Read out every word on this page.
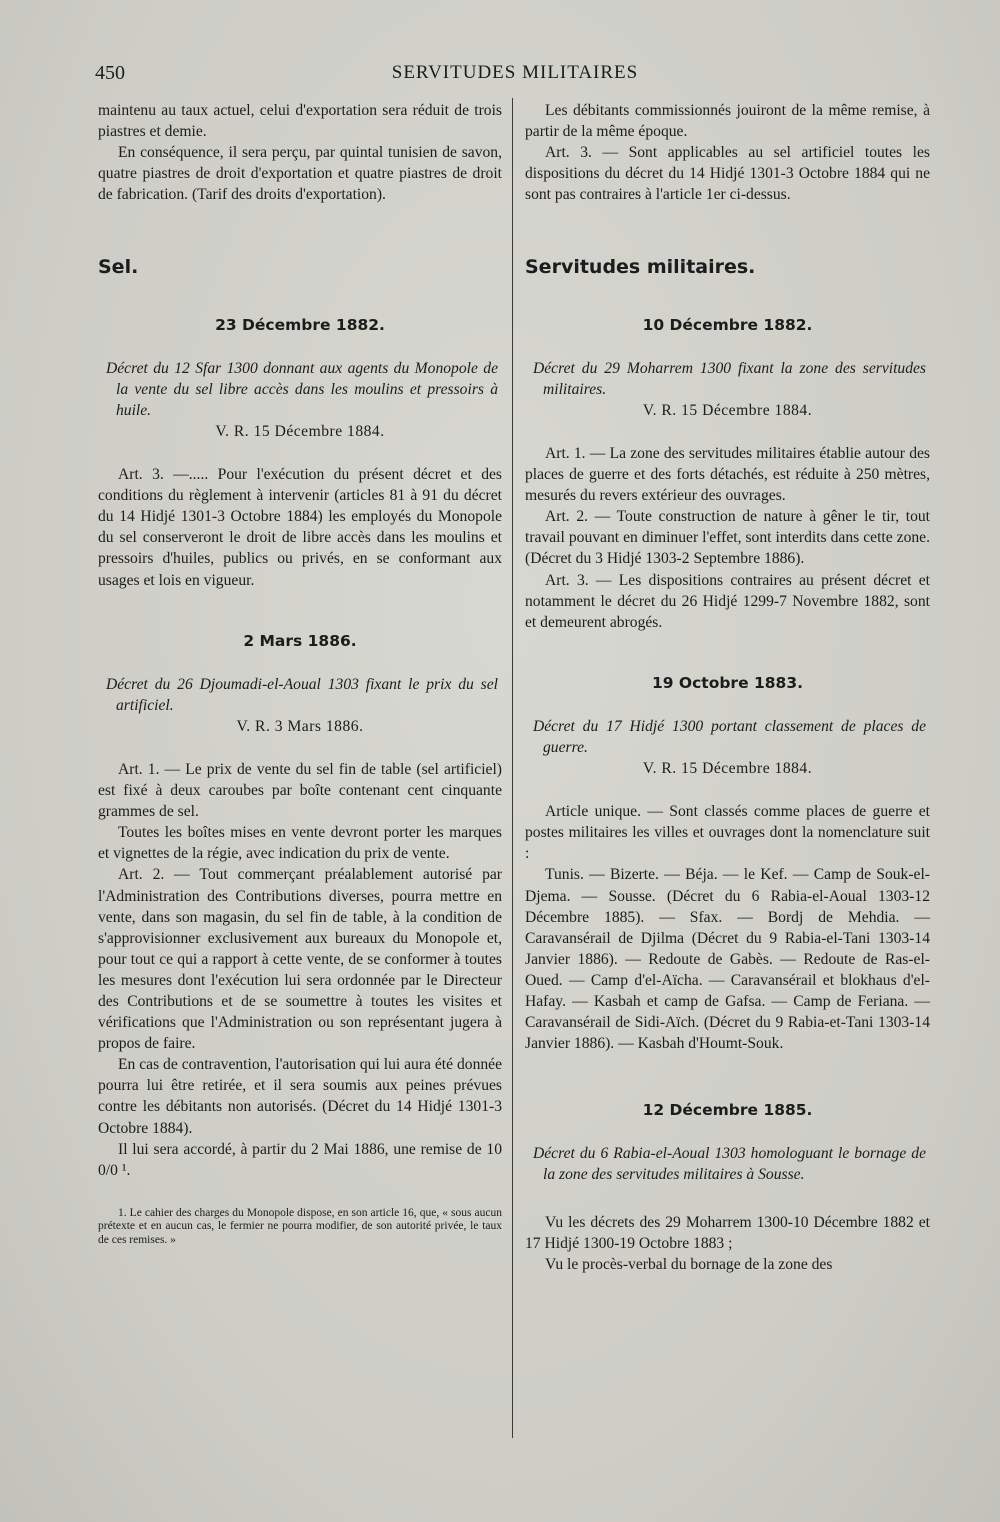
450	SERVITUDES MILITAIRES

maintenu au taux actuel, celui d'exportation sera réduit de trois piastres et demie.

En conséquence, il sera perçu, par quintal tunisien de savon, quatre piastres de droit d'exportation et quatre piastres de droit de fabrication. (Tarif des droits d'exportation).

Sel.

23 Décembre 1882.

Décret du 12 Sfar 1300 donnant aux agents du Monopole de la vente du sel libre accès dans les moulins et pressoirs à huile.

V. R. 15 Décembre 1884.

Art. 3. —..... Pour l'exécution du présent décret et des conditions du règlement à intervenir (articles 81 à 91 du décret du 14 Hidjé 1301-3 Octobre 1884) les employés du Monopole du sel conserveront le droit de libre accès dans les moulins et pressoirs d'huiles, publics ou privés, en se conformant aux usages et lois en vigueur.

2 Mars 1886.

Décret du 26 Djoumadi-el-Aoual 1303 fixant le prix du sel artificiel.

V. R. 3 Mars 1886.

Art. 1. — Le prix de vente du sel fin de table (sel artificiel) est fixé à deux caroubes par boîte contenant cent cinquante grammes de sel.

Toutes les boîtes mises en vente devront porter les marques et vignettes de la régie, avec indication du prix de vente.

Art. 2. — Tout commerçant préalablement autorisé par l'Administration des Contributions diverses, pourra mettre en vente, dans son magasin, du sel fin de table, à la condition de s'approvisionner exclusivement aux bureaux du Monopole et, pour tout ce qui a rapport à cette vente, de se conformer à toutes les mesures dont l'exécution lui sera ordonnée par le Directeur des Contributions et de se soumettre à toutes les visites et vérifications que l'Administration ou son représentant jugera à propos de faire.

En cas de contravention, l'autorisation qui lui aura été donnée pourra lui être retirée, et il sera soumis aux peines prévues contre les débitants non autorisés. (Décret du 14 Hidjé 1301-3 Octobre 1884).

Il lui sera accordé, à partir du 2 Mai 1886, une remise de 10 0/0 ¹.

1. Le cahier des charges du Monopole dispose, en son article 16, que, « sous aucun prétexte et en aucun cas, le fermier ne pourra modifier, de son autorité privée, le taux de ces remises. »

Les débitants commissionnés jouiront de la même remise, à partir de la même époque.

Art. 3. — Sont applicables au sel artificiel toutes les dispositions du décret du 14 Hidjé 1301-3 Octobre 1884 qui ne sont pas contraires à l'article 1er ci-dessus.

Servitudes militaires.

10 Décembre 1882.

Décret du 29 Moharrem 1300 fixant la zone des servitudes militaires.

V. R. 15 Décembre 1884.

Art. 1. — La zone des servitudes militaires établie autour des places de guerre et des forts détachés, est réduite à 250 mètres, mesurés du revers extérieur des ouvrages.

Art. 2. — Toute construction de nature à gêner le tir, tout travail pouvant en diminuer l'effet, sont interdits dans cette zone. (Décret du 3 Hidjé 1303-2 Septembre 1886).

Art. 3. — Les dispositions contraires au présent décret et notamment le décret du 26 Hidjé 1299-7 Novembre 1882, sont et demeurent abrogés.

19 Octobre 1883.

Décret du 17 Hidjé 1300 portant classement de places de guerre.

V. R. 15 Décembre 1884.

Article unique. — Sont classés comme places de guerre et postes militaires les villes et ouvrages dont la nomenclature suit :

Tunis. — Bizerte. — Béja. — le Kef. — Camp de Souk-el-Djema. — Sousse. (Décret du 6 Rabia-el-Aoual 1303-12 Décembre 1885). — Sfax. — Bordj de Mehdia. — Caravansérail de Djilma (Décret du 9 Rabia-el-Tani 1303-14 Janvier 1886). — Redoute de Gabès. — Redoute de Ras-el-Oued. — Camp d'el-Aïcha. — Caravansérail et blokhaus d'el-Hafay. — Kasbah et camp de Gafsa. — Camp de Feriana. — Caravansérail de Sidi-Aïch. (Décret du 9 Rabia-et-Tani 1303-14 Janvier 1886). — Kasbah d'Houmt-Souk.

12 Décembre 1885.

Décret du 6 Rabia-el-Aoual 1303 homologuant le bornage de la zone des servitudes militaires à Sousse.

Vu les décrets des 29 Moharrem 1300-10 Décembre 1882 et 17 Hidjé 1300-19 Octobre 1883 ;

Vu le procès-verbal du bornage de la zone des
